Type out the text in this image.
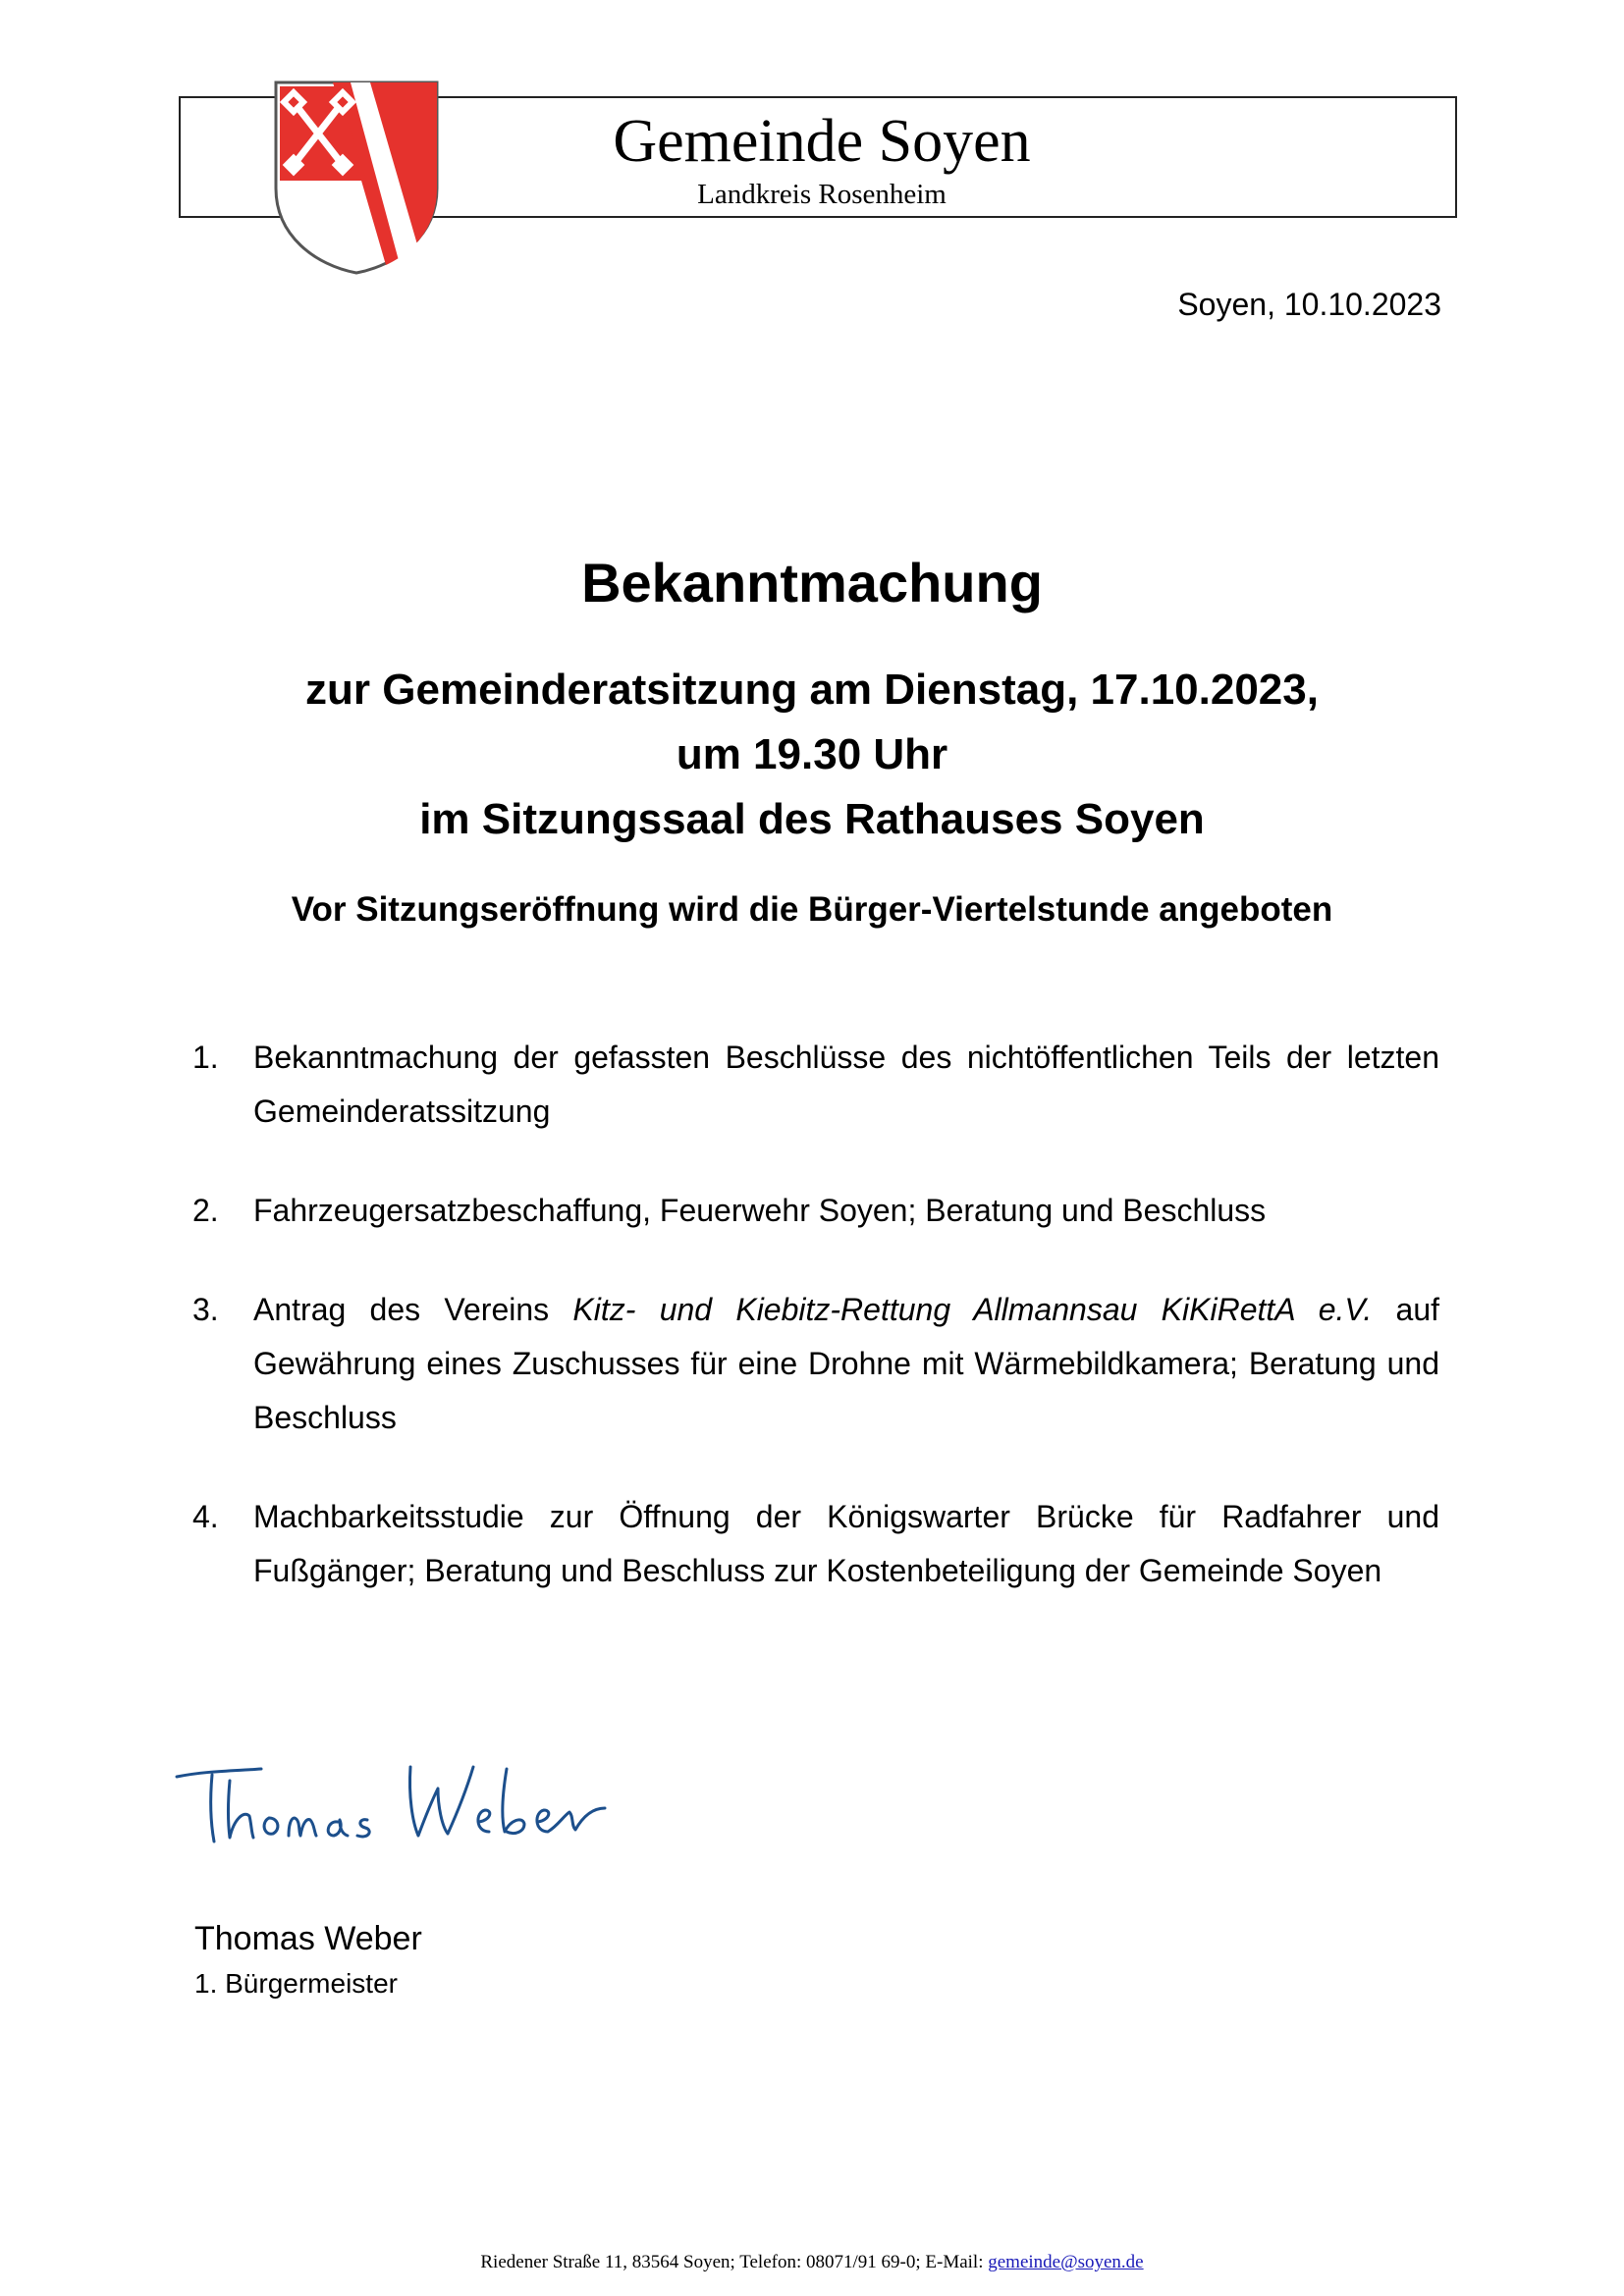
Gemeinde Soyen
Landkreis Rosenheim
Soyen, 10.10.2023
Bekanntmachung
zur Gemeinderatsitzung am Dienstag, 17.10.2023,
um 19.30 Uhr
im Sitzungssaal des Rathauses Soyen
Vor Sitzungseröffnung wird die Bürger-Viertelstunde angeboten
1. Bekanntmachung der gefassten Beschlüsse des nichtöffentlichen Teils der letzten Gemeinderatssitzung
2. Fahrzeugersatzbeschaffung, Feuerwehr Soyen; Beratung und Beschluss
3. Antrag des Vereins Kitz- und Kiebitz-Rettung Allmannsau KiKiRettA e.V. auf Gewährung eines Zuschusses für eine Drohne mit Wärmebildkamera; Beratung und Beschluss
4. Machbarkeitsstudie zur Öffnung der Königswarter Brücke für Radfahrer und Fußgänger; Beratung und Beschluss zur Kostenbeteiligung der Gemeinde Soyen
Thomas Weber
1. Bürgermeister
Riedener Straße 11, 83564 Soyen; Telefon: 08071/91 69-0; E-Mail: gemeinde@soyen.de
